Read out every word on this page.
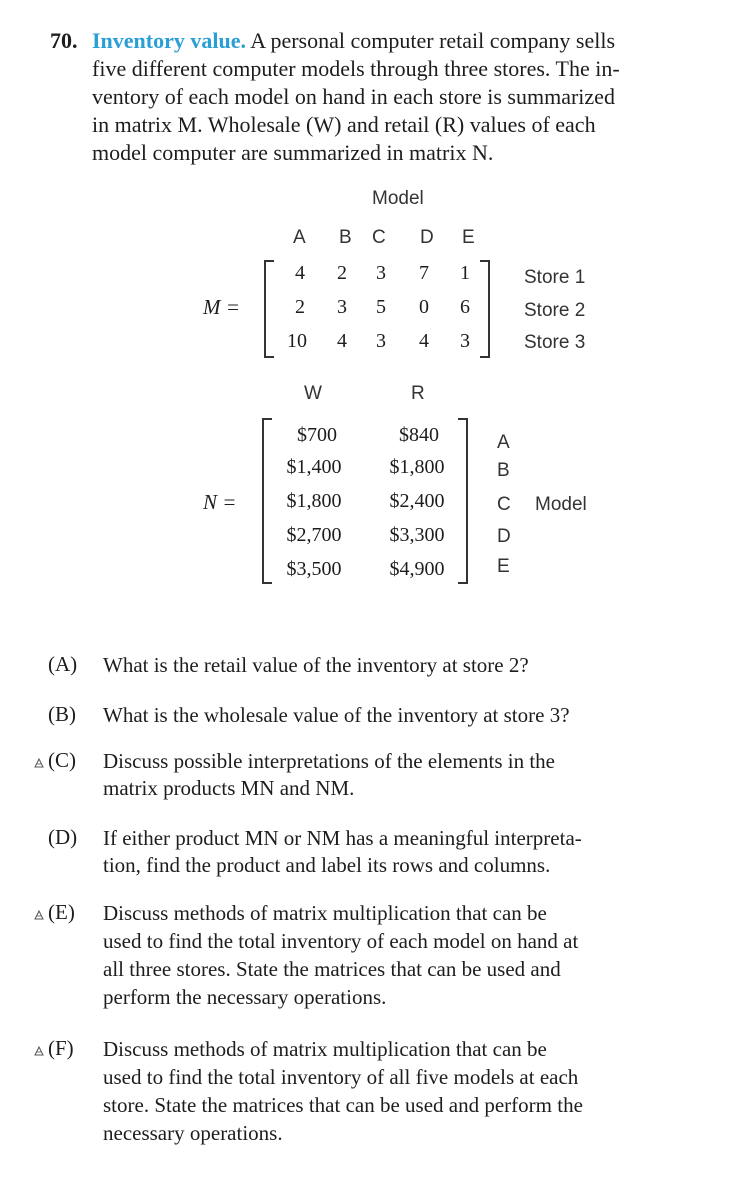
70. Inventory value. A personal computer retail company sells
five different computer models through three stores. The in-
ventory of each model on hand in each store is summarized
in matrix M. Wholesale (W) and retail (R) values of each
model computer are summarized in matrix N.
Model
A B C D E
M =
4 2 3 7 1
2 3 5 0 6
10 4 3 4 3
Store 1
Store 2
Store 3
W	R
N =
$700	$840
$1,400	$1,800
$1,800	$2,400
$2,700	$3,300
$3,500	$4,900
A
B
C
D
E
Model
(A) What is the retail value of the inventory at store 2?
(B) What is the wholesale value of the inventory at store 3?
(C) Discuss possible interpretations of the elements in the
matrix products MN and NM.
(D) If either product MN or NM has a meaningful interpreta-
tion, find the product and label its rows and columns.
(E) Discuss methods of matrix multiplication that can be
used to find the total inventory of each model on hand at
all three stores. State the matrices that can be used and
perform the necessary operations.
(F) Discuss methods of matrix multiplication that can be
used to find the total inventory of all five models at each
store. State the matrices that can be used and perform the
necessary operations.
